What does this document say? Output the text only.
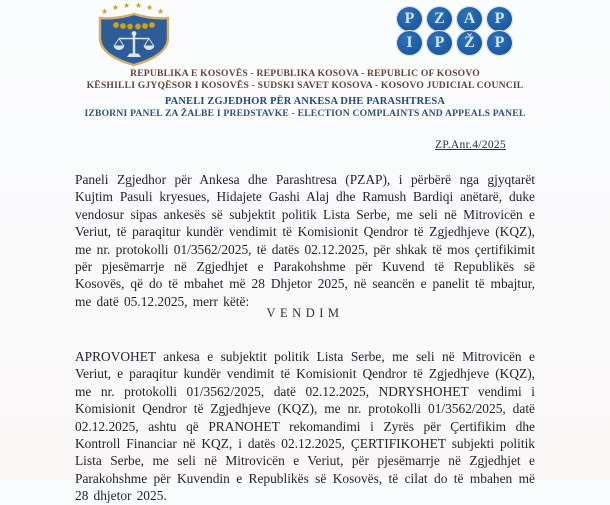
★ ★ ★ ★ ★ ★	P	Z	A	P
I	P	Ž	P
REPUBLIKA E KOSOVËS - REPUBLIKA KOSOVA - REPUBLIC OF KOSOVO
KËSHILLI GJYQËSOR I KOSOVËS - SUDSKI SAVET KOSOVA - KOSOVO JUDICIAL COUNCIL
PANELI ZGJEDHOR PËR ANKESA DHE PARASHTRESA
IZBORNI PANEL ZA ŽALBE I PREDSTAVKE - ELECTION COMPLAINTS AND APPEALS PANEL
ZP.Anr.4/2025

Paneli Zgjedhor për Ankesa dhe Parashtresa (PZAP), i përbërë nga gjyqtarët Kujtim Pasuli kryesues, Hidajete Gashi Alaj dhe Ramush Bardiqi anëtarë, duke vendosur sipas ankesës së subjektit politik Lista Serbe, me seli në Mitrovicën e Veriut, të paraqitur kundër vendimit të Komisionit Qendror të Zgjedhjeve (KQZ), me nr. protokolli 01/3562/2025, të datës 02.12.2025, për shkak të mos çertifikimit për pjesëmarrje në Zgjedhjet e Parakohshme për Kuvend të Republikës së Kosovës, që do të mbahet më 28 Dhjetor 2025, në seancën e panelit të mbajtur, me datë 05.12.2025, merr këtë:

VENDIM

APROVOHET ankesa e subjektit politik Lista Serbe, me seli në Mitrovicën e Veriut, e paraqitur kundër vendimit të Komisionit Qendror të Zgjedhjeve (KQZ), me nr. protokolli 01/3562/2025, datë 02.12.2025, NDRYSHOHET vendimi i Komisionit Qendror të Zgjedhjeve (KQZ), me nr. protokolli 01/3562/2025, datë 02.12.2025, ashtu që PRANOHET rekomandimi i Zyrës për Çertifikim dhe Kontroll Financiar në KQZ, i datës 02.12.2025, ÇERTIFIKOHET subjekti politik Lista Serbe, me seli në Mitrovicën e Veriut, për pjesëmarrje në Zgjedhjet e Parakohshme për Kuvendin e Republikës së Kosovës, të cilat do të mbahen më 28 dhjetor 2025.
